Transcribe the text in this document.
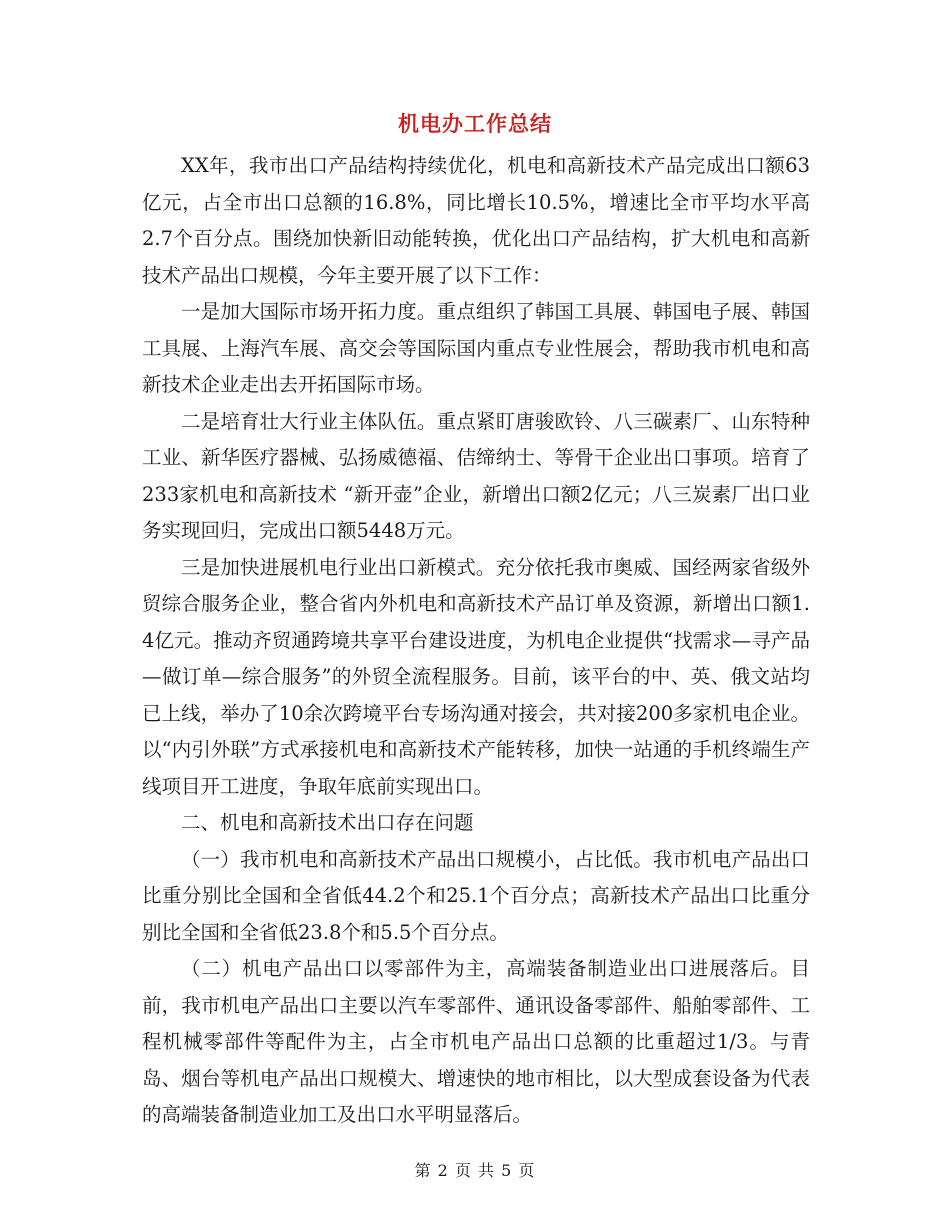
机电办工作总结

XX年，我市出口产品结构持续优化，机电和高新技术产品完成出口额63亿元，占全市出口总额的16.8%，同比增长10.5%，增速比全市平均水平高2.7个百分点。围绕加快新旧动能转换，优化出口产品结构，扩大机电和高新技术产品出口规模，今年主要开展了以下工作：

一是加大国际市场开拓力度。重点组织了韩国工具展、韩国电子展、韩国工具展、上海汽车展、高交会等国际国内重点专业性展会，帮助我市机电和高新技术企业走出去开拓国际市场。

二是培育壮大行业主体队伍。重点紧盯唐骏欧铃、八三碳素厂、山东特种工业、新华医疗器械、弘扬威德福、佶缔纳士、等骨干企业出口事项。培育了233家机电和高新技术 “新开壶”企业，新增出口额2亿元；八三炭素厂出口业务实现回归，完成出口额5448万元。

三是加快进展机电行业出口新模式。充分依托我市奥威、国经两家省级外贸综合服务企业，整合省内外机电和高新技术产品订单及资源，新增出口额1.4亿元。推动齐贸通跨境共享平台建设进度，为机电企业提供“找需求—寻产品—做订单—综合服务”的外贸全流程服务。目前，该平台的中、英、俄文站均已上线，举办了10余次跨境平台专场沟通对接会，共对接200多家机电企业。以“内引外联”方式承接机电和高新技术产能转移，加快一站通的手机终端生产线项目开工进度，争取年底前实现出口。

二、机电和高新技术出口存在问题

（一）我市机电和高新技术产品出口规模小，占比低。我市机电产品出口比重分别比全国和全省低44.2个和25.1个百分点；高新技术产品出口比重分别比全国和全省低23.8个和5.5个百分点。

（二）机电产品出口以零部件为主，高端装备制造业出口进展落后。目前，我市机电产品出口主要以汽车零部件、通讯设备零部件、船舶零部件、工程机械零部件等配件为主，占全市机电产品出口总额的比重超过1/3。与青岛、烟台等机电产品出口规模大、增速快的地市相比，以大型成套设备为代表的高端装备制造业加工及出口水平明显落后。

第 2 页 共 5 页
